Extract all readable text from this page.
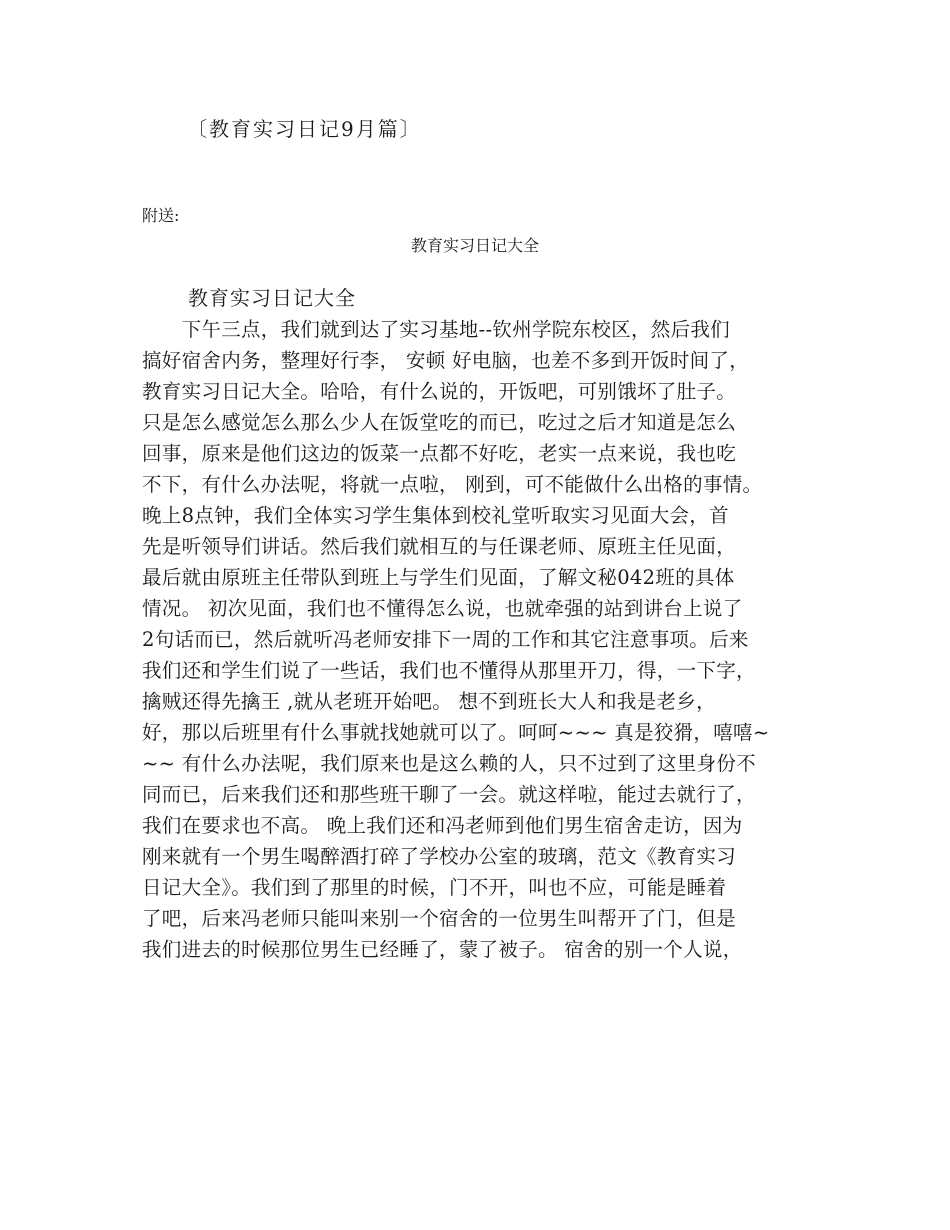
〔教育实习日记9月篇〕
附送:
教育实习日记大全
教育实习日记大全
　　下午三点，我们就到达了实习基地--钦州学院东校区，然后我们
搞好宿舍内务，整理好行李， 安顿 好电脑，也差不多到开饭时间了，
教育实习日记大全。哈哈，有什么说的，开饭吧，可别饿坏了肚子。
只是怎么感觉怎么那么少人在饭堂吃的而已，吃过之后才知道是怎么
回事，原来是他们这边的饭菜一点都不好吃，老实一点来说，我也吃
不下，有什么办法呢，将就一点啦， 刚到，可不能做什么出格的事情。
晚上8点钟，我们全体实习学生集体到校礼堂听取实习见面大会，首
先是听领导们讲话。然后我们就相互的与任课老师、原班主任见面，
最后就由原班主任带队到班上与学生们见面，了解文秘042班的具体
情况。 初次见面，我们也不懂得怎么说，也就牵强的站到讲台上说了
2句话而已，然后就听冯老师安排下一周的工作和其它注意事项。后来
我们还和学生们说了一些话，我们也不懂得从那里开刀，得，一下字，
擒贼还得先擒王 ,就从老班开始吧。 想不到班长大人和我是老乡，
好，那以后班里有什么事就找她就可以了。呵呵~~~ 真是狡猾，嘻嘻~
~~ 有什么办法呢，我们原来也是这么赖的人，只不过到了这里身份不
同而已，后来我们还和那些班干聊了一会。就这样啦，能过去就行了，
我们在要求也不高。 晚上我们还和冯老师到他们男生宿舍走访，因为
刚来就有一个男生喝醉酒打碎了学校办公室的玻璃，范文《教育实习
日记大全》。我们到了那里的时候，门不开，叫也不应，可能是睡着
了吧，后来冯老师只能叫来别一个宿舍的一位男生叫帮开了门，但是
我们进去的时候那位男生已经睡了，蒙了被子。 宿舍的别一个人说，
